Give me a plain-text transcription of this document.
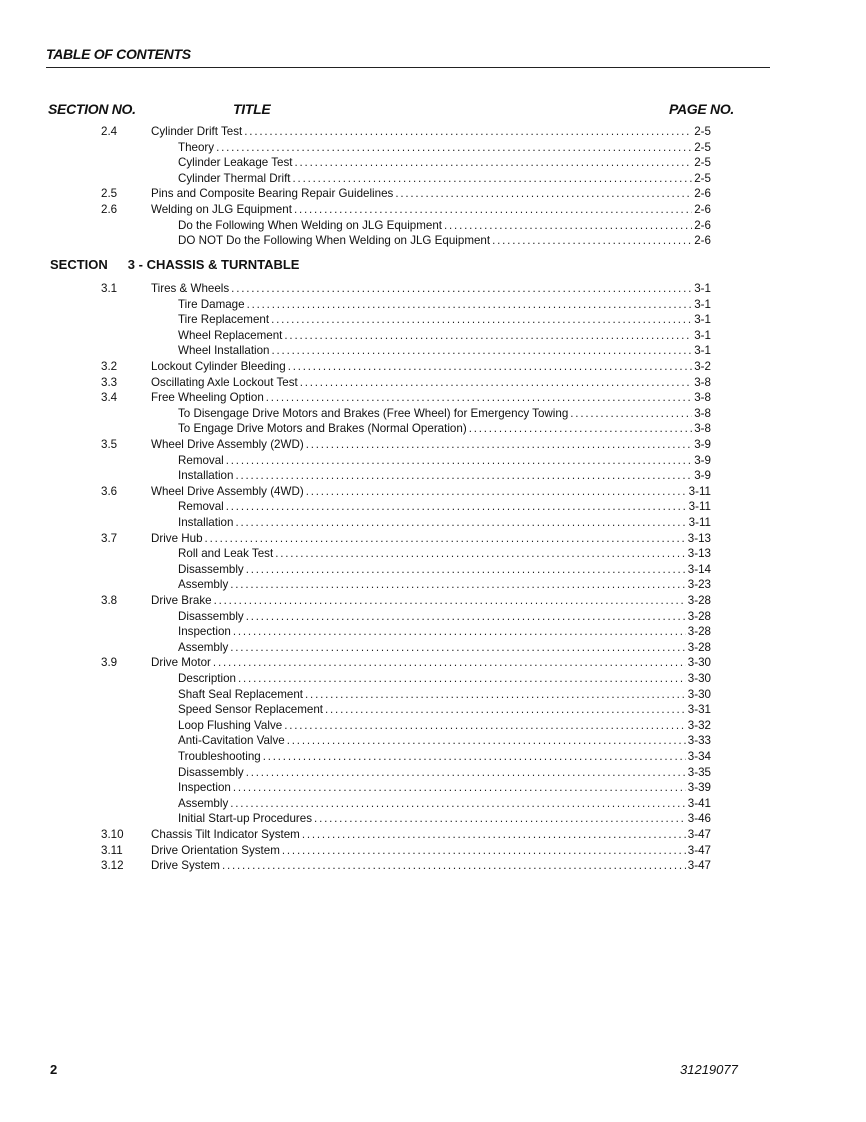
TABLE OF CONTENTS
SECTION NO.	TITLE	PAGE NO.
SECTION 3 - CHASSIS & TURNTABLE
2.4	Cylinder Drift Test .....	2-5
Theory .....	2-5
Cylinder Leakage Test .....	2-5
Cylinder Thermal Drift .....	2-5
2.5	Pins and Composite Bearing Repair Guidelines .....	2-6
2.6	Welding on JLG Equipment .....	2-6
Do the Following When Welding on JLG Equipment .....	2-6
DO NOT Do the Following When Welding on JLG Equipment .....	2-6
3.1	Tires & Wheels .....	3-1
Tire Damage .....	3-1
Tire Replacement .....	3-1
Wheel Replacement .....	3-1
Wheel Installation .....	3-1
3.2	Lockout Cylinder Bleeding .....	3-2
3.3	Oscillating Axle Lockout Test .....	3-8
3.4	Free Wheeling Option .....	3-8
To Disengage Drive Motors and Brakes (Free Wheel) for Emergency Towing .....	3-8
To Engage Drive Motors and Brakes (Normal Operation) .....	3-8
3.5	Wheel Drive Assembly (2WD) .....	3-9
Removal .....	3-9
Installation .....	3-9
3.6	Wheel Drive Assembly (4WD) .....	3-11
Removal .....	3-11
Installation .....	3-11
3.7	Drive Hub .....	3-13
Roll and Leak Test .....	3-13
Disassembly .....	3-14
Assembly .....	3-23
3.8	Drive Brake .....	3-28
Disassembly .....	3-28
Inspection .....	3-28
Assembly .....	3-28
3.9	Drive Motor .....	3-30
Description .....	3-30
Shaft Seal Replacement .....	3-30
Speed Sensor Replacement .....	3-31
Loop Flushing Valve .....	3-32
Anti-Cavitation Valve .....	3-33
Troubleshooting .....	3-34
Disassembly .....	3-35
Inspection .....	3-39
Assembly .....	3-41
Initial Start-up Procedures .....	3-46
3.10	Chassis Tilt Indicator System .....	3-47
3.11	Drive Orientation System .....	3-47
3.12	Drive System .....	3-47
2	31219077
